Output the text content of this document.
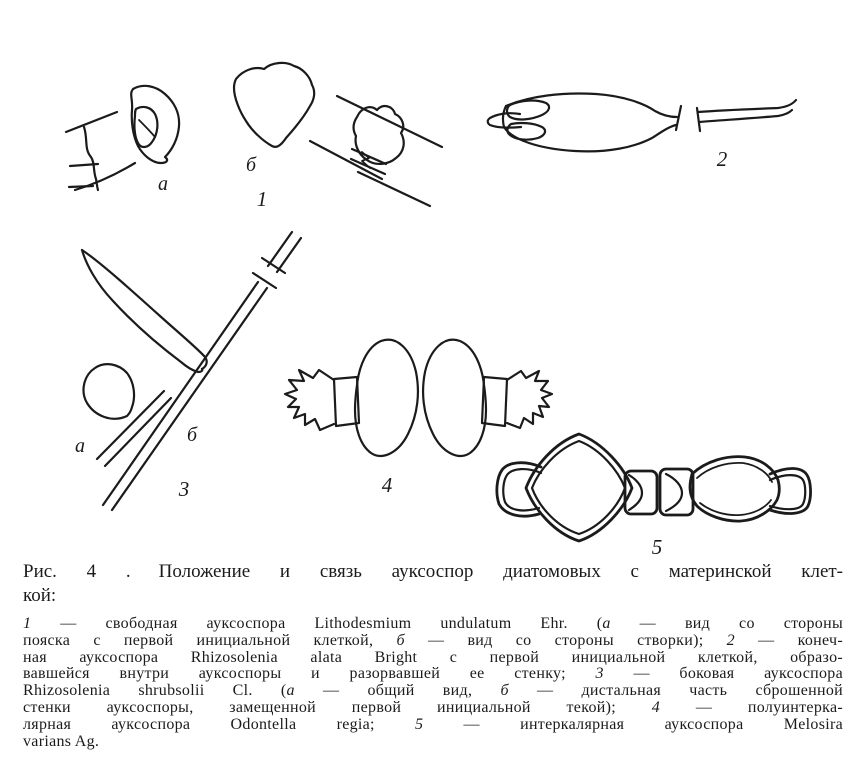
а
б
1
2
а	б
3	4
5
Рис. 4 . Положение и связь ауксоспор диатомовых с материнской клет-
кой:
1 — свободная ауксоспора Lithodesmium undulatum Ehr. (а — вид со стороны
пояска с первой инициальной клеткой, б — вид со стороны створки); 2 — конеч-
ная ауксоспора Rhizosolenia alata Bright с первой инициальной клеткой, образо-
вавшейся внутри ауксоспоры и разорвавшей ее стенку; 3 — боковая ауксоспора
Rhizosolenia shrubsolii Cl. (а — общий вид, б — дистальная часть сброшенной
стенки ауксоспоры, замещенной первой инициальной текой); 4 — полуинтерка-
лярная ауксоспора Odontella regia; 5 — интеркалярная ауксоспора Melosira
varians Ag.
